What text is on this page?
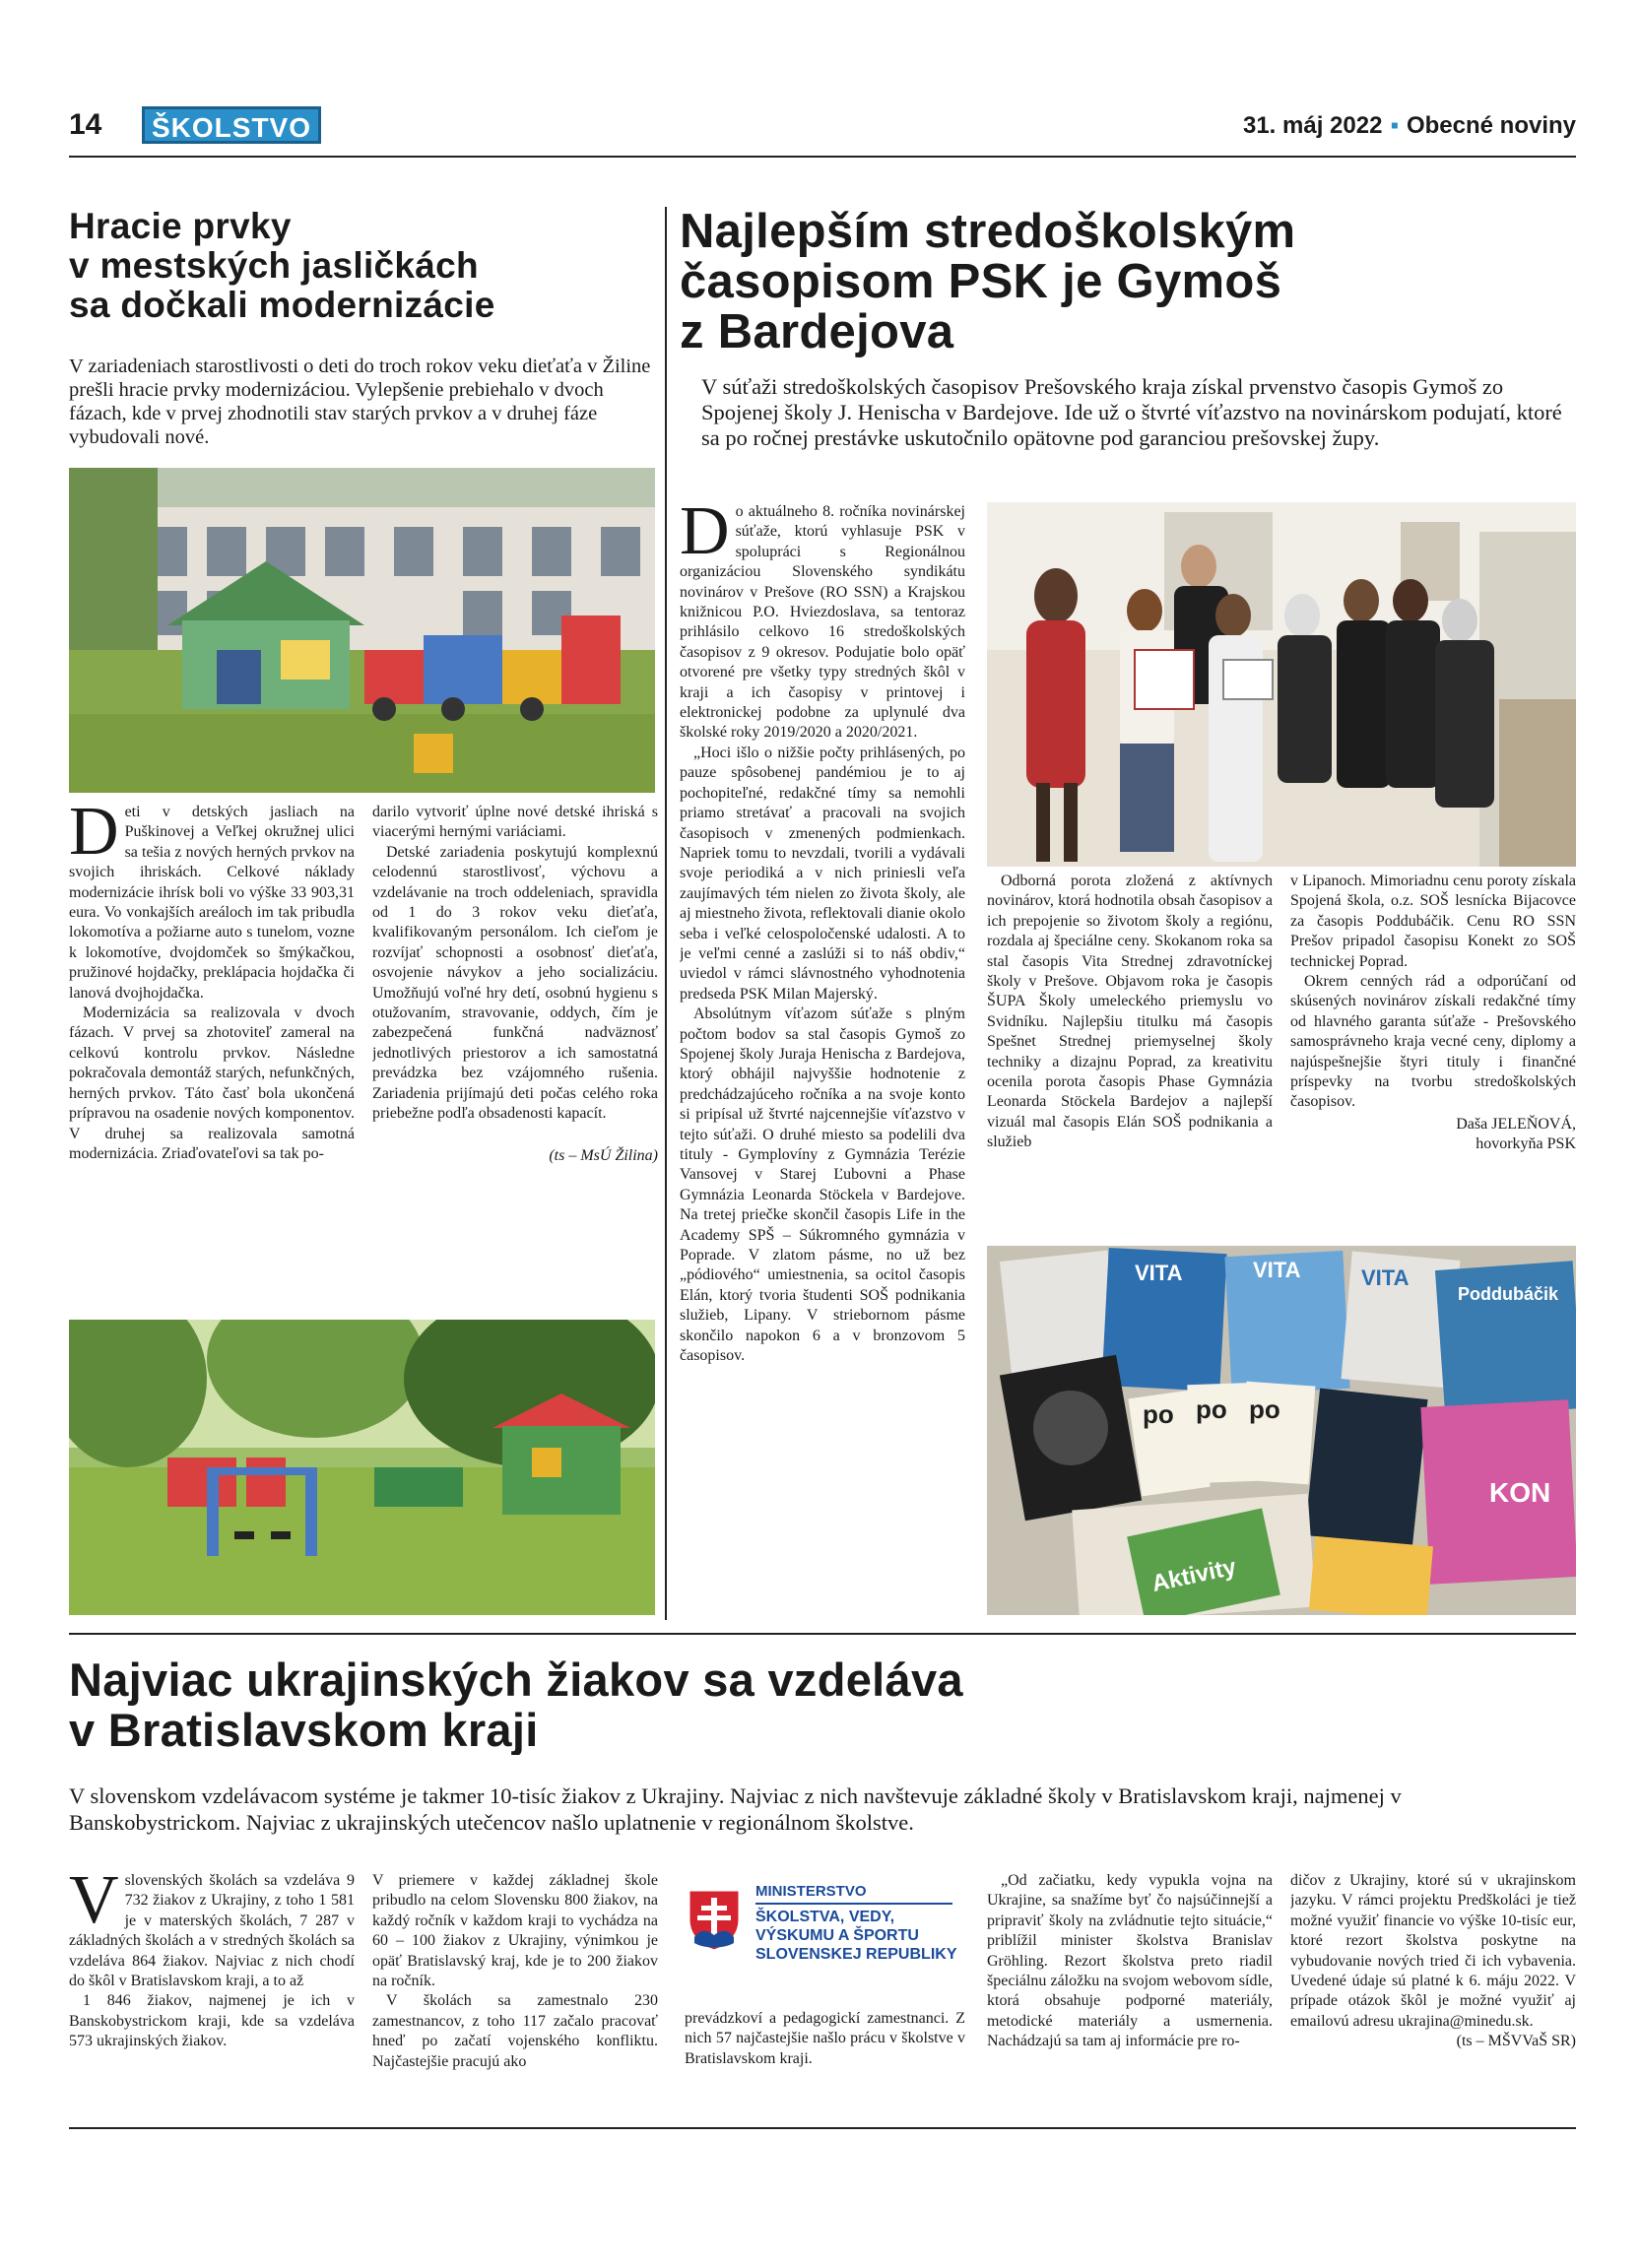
14	ŠKOLSTVO	31. máj 2022 ▪ Obecné noviny
Hracie prvky
v mestských jasličkách
sa dočkali modernizácie

V zariadeniach starostlivosti o deti do troch rokov veku dieťaťa v Žiline prešli hracie prvky modernizáciou. Vylepšenie prebiehalo v dvoch fázach, kde v prvej zhodnotili stav starých prvkov a v druhej fáze vybudovali nové.

Deti v detských jasliach na Puškinovej a Veľkej okružnej ulici sa tešia z nových herných prvkov na svojich ihriskách. Celkové náklady modernizácie ihrísk boli vo výške 33 903,31 eura. Vo vonkajších areáloch im tak pribudla lokomotíva a požiarne auto s tunelom, vozne k lokomotíve, dvojdomček so šmýkačkou, pružinové hojdačky, preklápacia hojdačka či lanová dvojhojdačka.

Modernizácia sa realizovala v dvoch fázach. V prvej sa zhotoviteľ zameral na celkovú kontrolu prvkov. Následne pokračovala demontáž starých, nefunkčných, herných prvkov. Táto časť bola ukončená prípravou na osadenie nových komponentov. V druhej sa realizovala samotná modernizácia. Zriaďovateľovi sa tak po-

darilo vytvoriť úplne nové detské ihriská s viacerými hernými variáciami.

Detské zariadenia poskytujú komplexnú celodennú starostlivosť, výchovu a vzdelávanie na troch oddeleniach, spravidla od 1 do 3 rokov veku dieťaťa, kvalifikovaným personálom. Ich cieľom je rozvíjať schopnosti a osobnosť dieťaťa, osvojenie návykov a jeho socializáciu. Umožňujú voľné hry detí, osobnú hygienu s otužovaním, stravovanie, oddych, čím je zabezpečená funkčná nadväznosť jednotlivých priestorov a ich samostatná prevádzka bez vzájomného rušenia. Zariadenia prijímajú deti počas celého roka priebežne podľa obsadenosti kapacít.

(ts – MsÚ Žilina)

Najlepším stredoškolským
časopisom PSK je Gymoš
z Bardejova

V súťaži stredoškolských časopisov Prešovského kraja získal prvenstvo časopis Gymoš zo Spojenej školy J. Henischa v Bardejove. Ide už o štvrté víťazstvo na novinárskom podujatí, ktoré sa po ročnej prestávke uskutočnilo opätovne pod garanciou prešovskej župy.

Do aktuálneho 8. ročníka novinárskej súťaže, ktorú vyhlasuje PSK v spolupráci s Regionálnou organizáciou Slovenského syndikátu novinárov v Prešove (RO SSN) a Krajskou knižnicou P.O. Hviezdoslava, sa tentoraz prihlásilo celkovo 16 stredoškolských časopisov z 9 okresov. Podujatie bolo opäť otvorené pre všetky typy stredných škôl v kraji a ich časopisy v printovej i elektronickej podobne za uplynulé dva školské roky 2019/2020 a 2020/2021.

„Hoci išlo o nižšie počty prihlásených, po pauze spôsobenej pandémiou je to aj pochopiteľné, redakčné tímy sa nemohli priamo stretávať a pracovali na svojich časopisoch v zmenených podmienkach. Napriek tomu to nevzdali, tvorili a vydávali svoje periodiká a v nich priniesli veľa zaujímavých tém nielen zo života školy, ale aj miestneho života, reflektovali dianie okolo seba i veľké celospoločenské udalosti. A to je veľmi cenné a zaslúži si to náš obdiv,“ uviedol v rámci slávnostného vyhodnotenia predseda PSK Milan Majerský.

Absolútnym víťazom súťaže s plným počtom bodov sa stal časopis Gymoš zo Spojenej školy Juraja Henischa z Bardejova, ktorý obhájil najvyššie hodnotenie z predchádzajúceho ročníka a na svoje konto si pripísal už štvrté najcennejšie víťazstvo v tejto súťaži. O druhé miesto sa podelili dva tituly - Gymplovíny z Gymnázia Terézie Vansovej v Starej Ľubovni a Phase Gymnázia Leonarda Stöckela v Bardejove. Na tretej priečke skončil časopis Life in the Academy SPŠ – Súkromného gymnázia v Poprade. V zlatom pásme, no už bez „pódiového“ umiestnenia, sa ocitol časopis Elán, ktorý tvoria študenti SOŠ podnikania služieb, Lipany. V striebornom pásme skončilo napokon 6 a v bronzovom 5 časopisov.

Odborná porota zložená z aktívnych novinárov, ktorá hodnotila obsah časopisov a ich prepojenie so životom školy a regiónu, rozdala aj špeciálne ceny. Skokanom roka sa stal časopis Vita Strednej zdravotníckej školy v Prešove. Objavom roka je časopis ŠUPA Školy umeleckého priemyslu vo Svidníku. Najlepšiu titulku má časopis Spešnet Strednej priemyselnej školy techniky a dizajnu Poprad, za kreativitu ocenila porota časopis Phase Gymnázia Leonarda Stöckela Bardejov a najlepší vizuál mal časopis Elán SOŠ podnikania a služieb

v Lipanoch. Mimoriadnu cenu poroty získala Spojená škola, o.z. SOŠ lesnícka Bijacovce za časopis Poddubáčik. Cenu RO SSN Prešov pripadol časopisu Konekt zo SOŠ technickej Poprad.

Okrem cenných rád a odporúčaní od skúsených novinárov získali redakčné tímy od hlavného garanta súťaže - Prešovského samosprávneho kraja vecné ceny, diplomy a najúspešnejšie štyri tituly i finančné príspevky na tvorbu stredoškolských časopisov.

Daša JELEŇOVÁ,

hovorkyňa PSK

VITA	VITA	VITA
Poddubáčik
po po po
KON
Aktivity
Najviac ukrajinských žiakov sa vzdeláva
v Bratislavskom kraji

V slovenskom vzdelávacom systéme je takmer 10-tisíc žiakov z Ukrajiny. Najviac z nich navštevuje základné školy v Bratislavskom kraji, najmenej v Banskobystrickom. Najviac z ukrajinských utečencov našlo uplatnenie v regionálnom školstve.

Vslovenských školách sa vzdeláva 9 732 žiakov z Ukrajiny, z toho 1 581 je v materských školách, 7 287 v základných školách a v stredných školách sa vzdeláva 864 žiakov. Najviac z nich chodí do škôl v Bratislavskom kraji, a to až

1 846 žiakov, najmenej je ich v Banskobystrickom kraji, kde sa vzdeláva 573 ukrajinských žiakov.

V priemere v každej základnej škole pribudlo na celom Slovensku 800 žiakov, na každý ročník v každom kraji to vychádza na 60 – 100 žiakov z Ukrajiny, výnimkou je opäť Bratislavský kraj, kde je to 200 žiakov na ročník.

V školách sa zamestnalo 230 zamestnancov, z toho 117 začalo pracovať hneď po začatí vojenského konfliktu. Najčastejšie pracujú ako

MINISTERSTVO
ŠKOLSTVA, VEDY,
VÝSKUMU A ŠPORTU
SLOVENSKEJ REPUBLIKY

prevádzkoví a pedagogickí zamestnanci. Z nich 57 najčastejšie našlo prácu v školstve v Bratislavskom kraji.

„Od začiatku, kedy vypukla vojna na Ukrajine, sa snažíme byť čo najsúčinnejší a pripraviť školy na zvládnutie tejto situácie,“ priblížil minister školstva Branislav Gröhling. Rezort školstva preto riadil špeciálnu záložku na svojom webovom sídle, ktorá obsahuje podporné materiály, metodické materiály a usmernenia. Nachádzajú sa tam aj informácie pre ro-

dičov z Ukrajiny, ktoré sú v ukrajinskom jazyku. V rámci projektu Predškoláci je tiež možné využiť financie vo výške 10-tisíc eur, ktoré rezort školstva poskytne na vybudovanie nových tried či ich vybavenia. Uvedené údaje sú platné k 6. máju 2022. V prípade otázok škôl je možné využiť aj emailovú adresu ukrajina@minedu.sk.

(ts – MŠVVaŠ SR)
